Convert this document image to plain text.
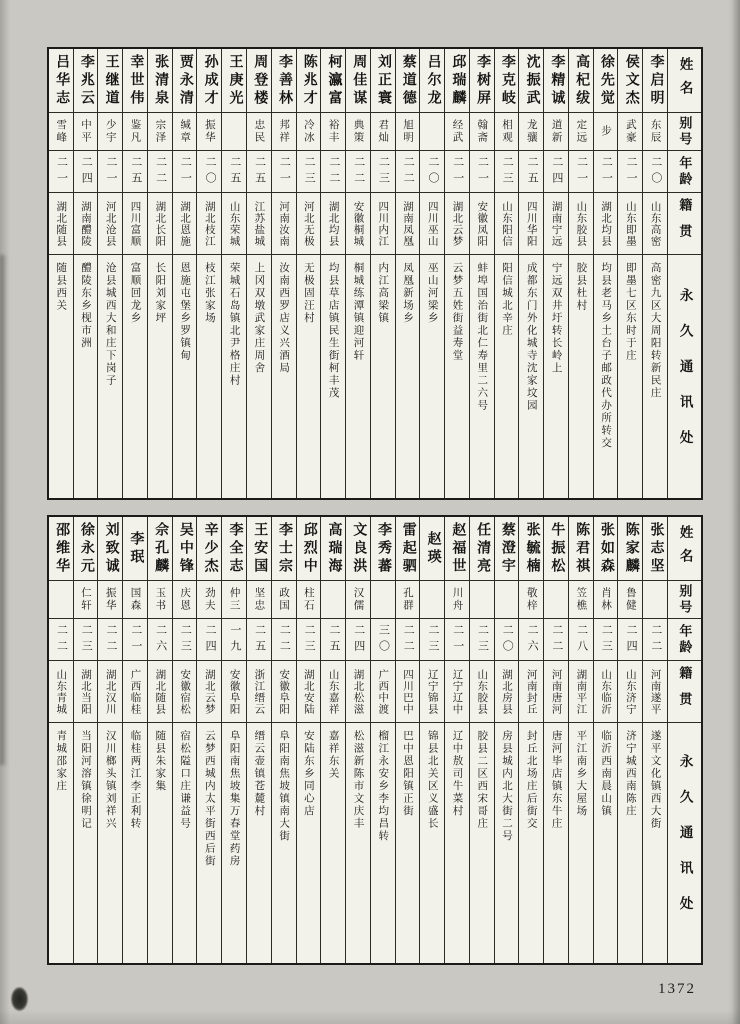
姓名
别号
年龄
籍贯
永久通讯处
李启明
东辰
二〇
山东高密
高密九区大周阳转新民庄
侯文杰
武豪
二一
山东即墨
即墨七区东时于庄
徐先觉
步
二一
湖北均县
均县老马乡土台子邮政代办所转交
高杞绂
定远
二一
山东胶县
胶县杜村
李精诚
道新
二四
湖南宁远
宁远双井圩转长岭上
沈振武
龙骧
二五
四川华阳
成都东门外化城寺沈家坟园
李克岐
相观
二三
山东阳信
阳信城北辛庄
李树屏
翰斋
二一
安徽凤阳
蚌埠国治街北仁寿里二六号
邱瑞麟
经武
二一
湖北云梦
云梦五姓街益寿堂
吕尔龙
二〇
四川巫山
巫山河梁乡
蔡道德
旭明
二二
湖南凤凰
凤凰新场乡
刘正寰
君灿
二三
四川内江
内江高梁镇
周佳谋
典策
二二
安徽桐城
桐城练潭镇迎河轩
柯瀛富
裕丰
二二
湖北均县
均县草店镇民生街柯丰茂
陈兆才
冷冰
二三
河北无极
无极固汪村
李善林
邦祥
二一
河南汝南
汝南西罗店义兴酒局
周登楼
忠民
二五
江苏盐城
上冈双墩武家庄周舍
王庚光
二五
山东荣城
荣城石岛镇北尹格庄村
孙成才
振华
二〇
湖北枝江
枝江张家场
贾永清
缄章
二一
湖北恩施
恩施屯堡乡罗镇甸
张清泉
宗泽
二二
湖北长阳
长阳刘家坪
幸世伟
鉴凡
二五
四川富顺
富顺回龙乡
王继道
少宇
二一
河北沧县
沧县城西大和庄下岗子
李兆云
中平
二四
湖南醴陵
醴陵东乡枧市洲
吕华志
雪峰
二一
湖北随县
随县西关
姓名
别号
年龄
籍贯
永久通讯处
张志坚
二二
河南遂平
遂平文化镇西大街
陈家麟
鲁健
二四
山东济宁
济宁城西南陈庄
张如森
肖林
二三
山东临沂
临沂西南晨山镇
陈君祺
笠樵
二八
湖南平江
平江南乡大屋场
牛振松
二二
河南唐河
唐河毕店镇东牛庄
张毓楠
敬梓
二六
河南封丘
封丘北场庄后街交
蔡澄宇
二〇
湖北房县
房县城内北大街二号
任清亮
二三
山东胶县
胶县二区西宋哥庄
赵福世
川舟
二一
辽宁辽中
辽中敖司牛菜村
赵瑛
二三
辽宁锦县
锦县北关区义盛长
雷起驷
孔群
二二
四川巴中
巴中恩阳镇正街
李秀蕃
三〇
广西中渡
榴江永安乡李均昌转
文良洪
汉儒
二四
湖北松滋
松滋新陈市文庆丰
高瑞海
二五
山东嘉祥
嘉祥东关
邱烈中
柱石
二三
湖北安陆
安陆东乡同心店
李士宗
政国
二二
安徽阜阳
阜阳南焦坡镇南大街
王安国
坚忠
二五
浙江缙云
缙云壶镇苍麓村
李全志
仲三
一九
安徽阜阳
阜阳南焦坡集万春堂药房
辛少杰
劲夫
二四
湖北云梦
云梦西城内太平街西后街
吴中锋
庆恩
二三
安徽宿松
宿松隘口庄谦益号
佘孔麟
玉书
二六
湖北随县
随县朱家集
李珉
国森
二一
广西临桂
临桂两江李正利转
刘致诚
振华
二二
湖北汉川
汉川榔头镇刘祥兴
徐永元
仁轩
二三
湖北当阳
当阳河溶镇徐明记
邵维华
二二
山东青城
青城邵家庄
1372
